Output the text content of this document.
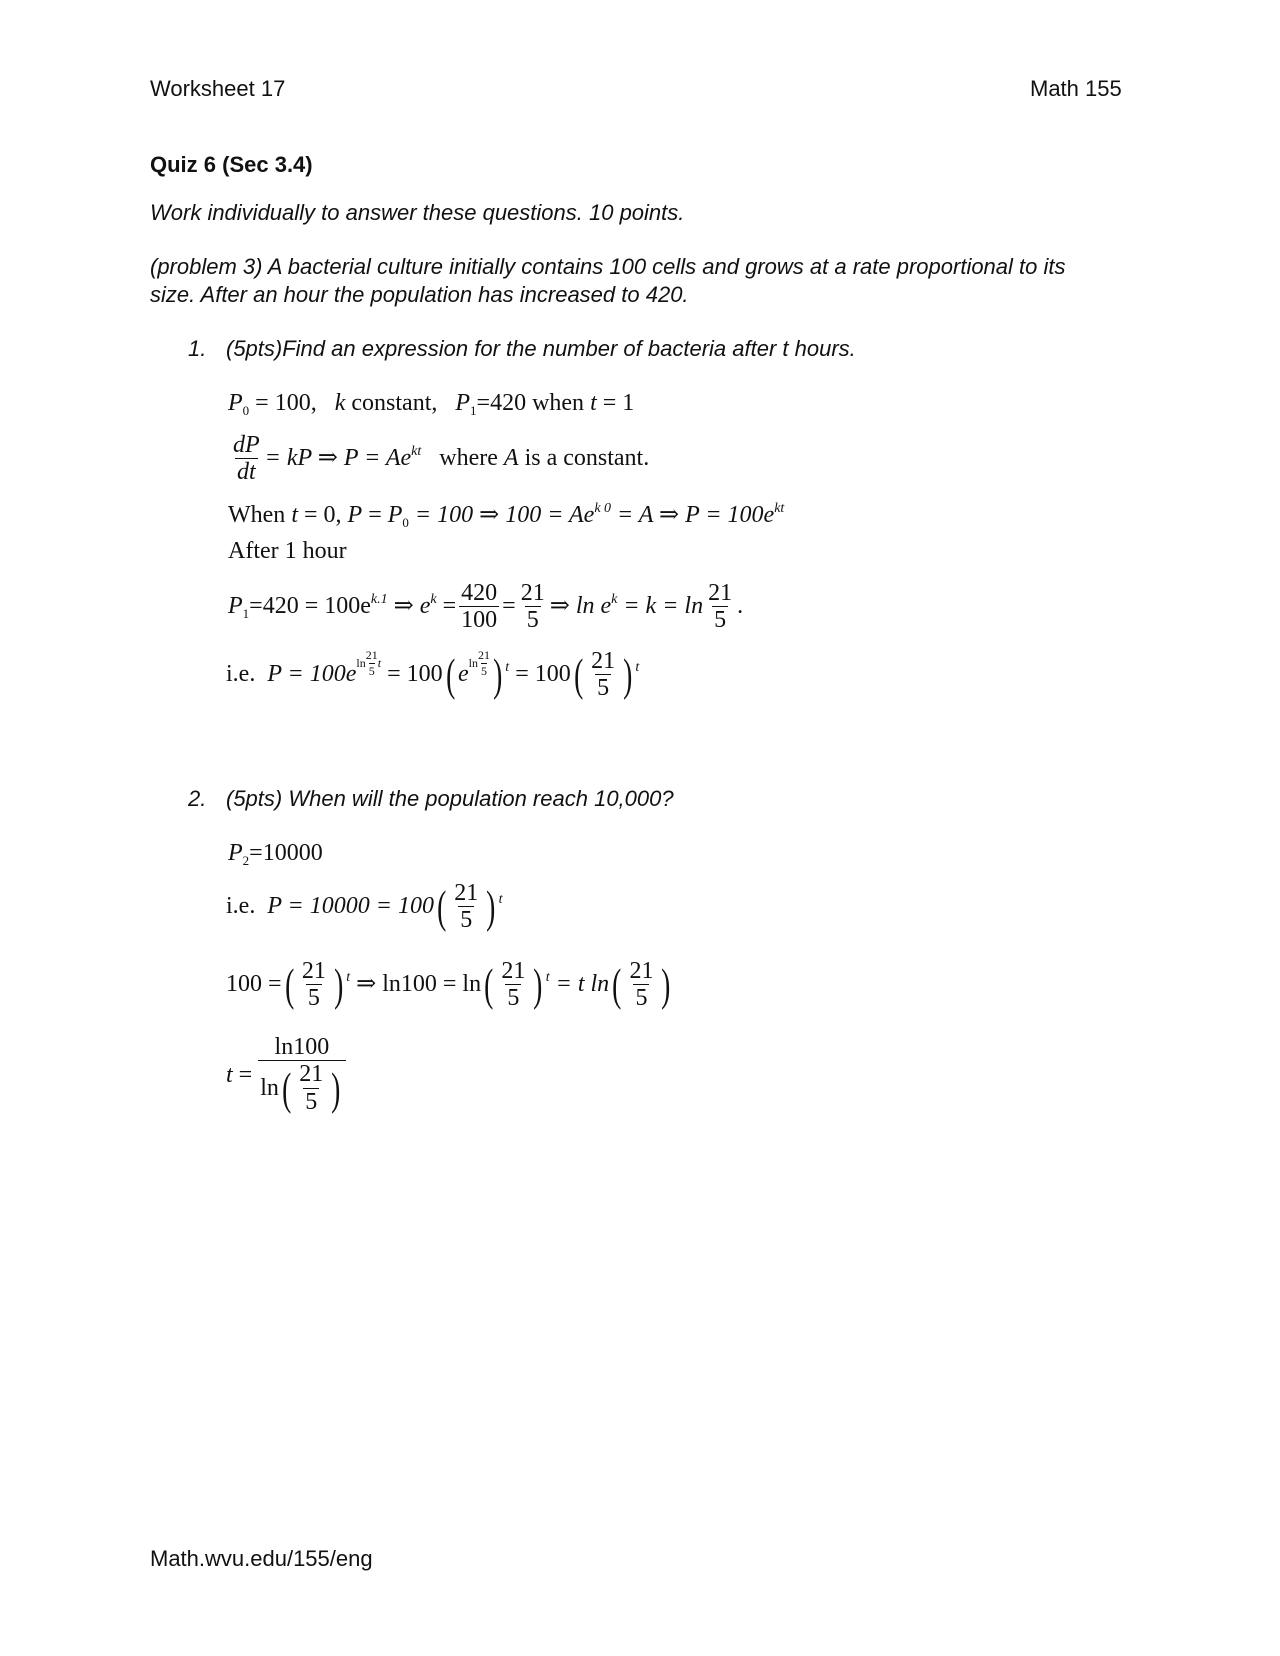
Worksheet 17	Math 155
Quiz 6 (Sec 3.4)
Work individually to answer these questions. 10 points.
(problem 3) A bacterial culture initially contains 100 cells and grows at a rate proportional to its
size. After an hour the population has increased to 420.
1. (5pts)Find an expression for the number of bacteria after t hours.
$P_0 = 100$, k constant, $P_1=420$ when t = 1
$\frac{dP}{dt}$ = kP ⇒ $P = Ae^{kt}$ where A is a constant.
When t = 0, $P = P_0 = 100$ ⇒ $100 = Ae^{k 0} = A$ ⇒ $P = 100e^{kt}$
After 1 hour
$P_1=420 = 100e^{k.1}$ ⇒ $e^k = \frac{420}{100} = \frac{21}{5}$ ⇒ $\ln e^k = k = \ln \frac{21}{5}$ .
i.e. P = 100e ln
21
5
t = 100( e ln
21
5 ) $^t = 100( \frac{21}{5}$ ) $^t$
2. (5pts) When will the population reach 10,000?
$P_2=10000$
i.e. $P = 10000 = 100( \frac{21}{5}$ ) $^t$
100 =( $\frac{21}{5}$ ) $^t$ ⇒ $\ln 100 = \ln( \frac{21}{5}$ ) $^t$ = t $\ln( \frac{21}{5}$ )
t
= $\frac{\ln 100}{\ln ( \frac{21}{5} )}$
Math.wvu.edu/155/eng
